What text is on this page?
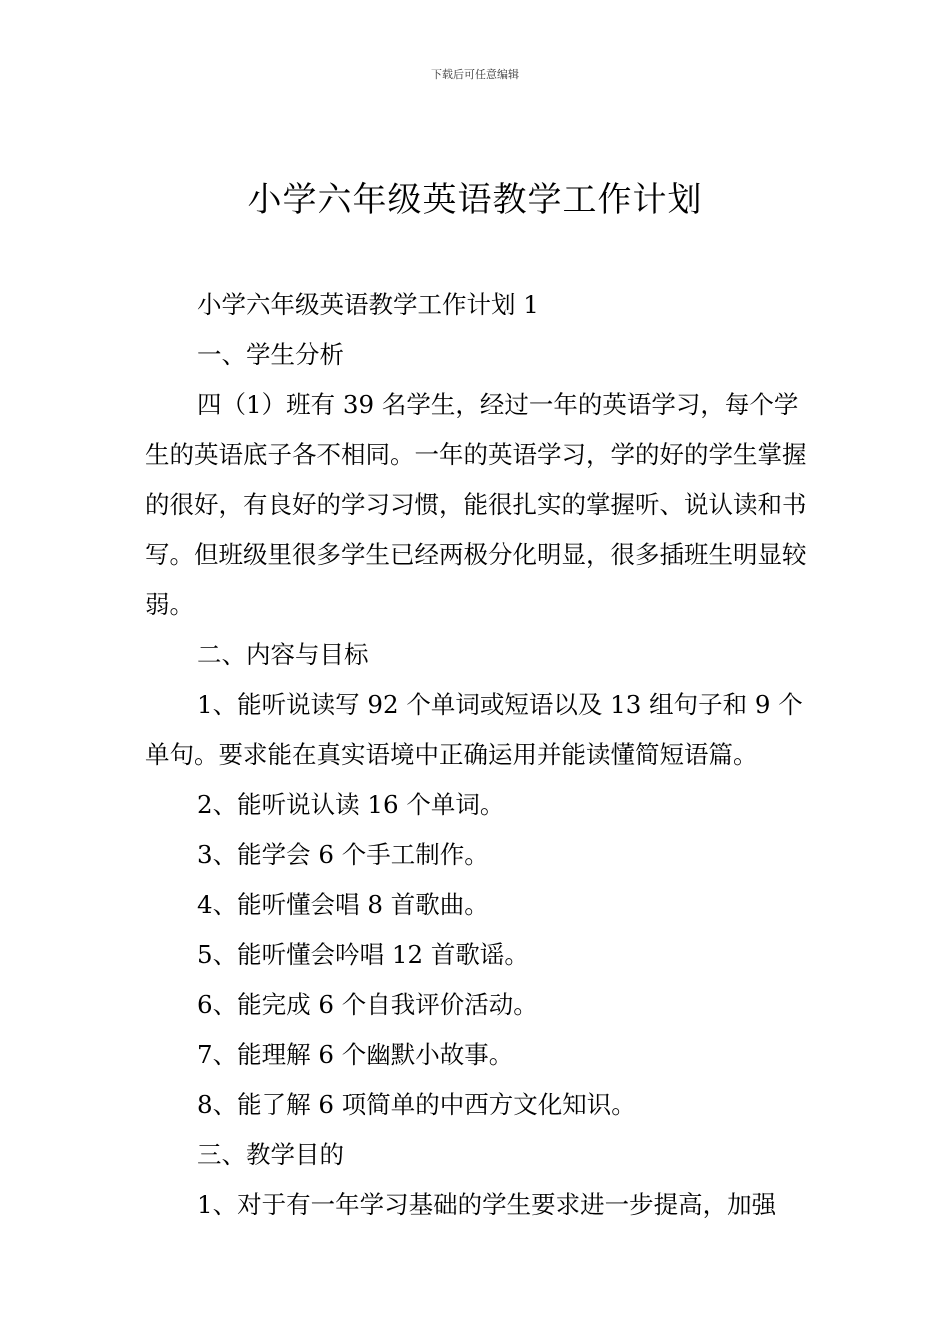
下载后可任意编辑
小学六年级英语教学工作计划

小学六年级英语教学工作计划 1

一、学生分析

四（1）班有 39 名学生，经过一年的英语学习，每个学生的英语底子各不相同。一年的英语学习，学的好的学生掌握的很好，有良好的学习习惯，能很扎实的掌握听、说认读和书写。但班级里很多学生已经两极分化明显，很多插班生明显较弱。

二、内容与目标

1、能听说读写 92 个单词或短语以及 13 组句子和 9 个单句。要求能在真实语境中正确运用并能读懂简短语篇。

2、能听说认读 16 个单词。

3、能学会 6 个手工制作。

4、能听懂会唱 8 首歌曲。

5、能听懂会吟唱 12 首歌谣。

6、能完成 6 个自我评价活动。

7、能理解 6 个幽默小故事。

8、能了解 6 项简单的中西方文化知识。

三、教学目的

1、对于有一年学习基础的学生要求进一步提高，加强
